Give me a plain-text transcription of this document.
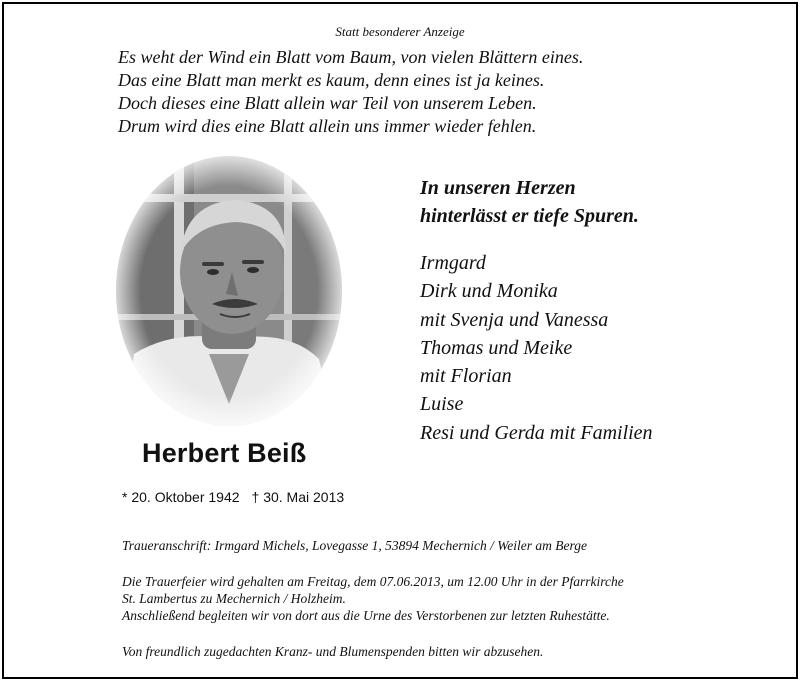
Statt besonderer Anzeige
Es weht der Wind ein Blatt vom Baum, von vielen Blättern eines.
Das eine Blatt man merkt es kaum, denn eines ist ja keines.
Doch dieses eine Blatt allein war Teil von unserem Leben.
Drum wird dies eine Blatt allein uns immer wieder fehlen.
In unseren Herzen
hinterlässt er tiefe Spuren.
Irmgard
Dirk und Monika
mit Svenja und Vanessa
Thomas und Meike
mit Florian
Luise
Resi und Gerda mit Familien
Herbert Beiß
* 20. Oktober 1942 † 30. Mai 2013
Traueranschrift: Irmgard Michels, Lovegasse 1, 53894 Mechernich / Weiler am Berge
Die Trauerfeier wird gehalten am Freitag, dem 07.06.2013, um 12.00 Uhr in der Pfarrkirche
St. Lambertus zu Mechernich / Holzheim.
Anschließend begleiten wir von dort aus die Urne des Verstorbenen zur letzten Ruhestätte.
Von freundlich zugedachten Kranz- und Blumenspenden bitten wir abzusehen.
